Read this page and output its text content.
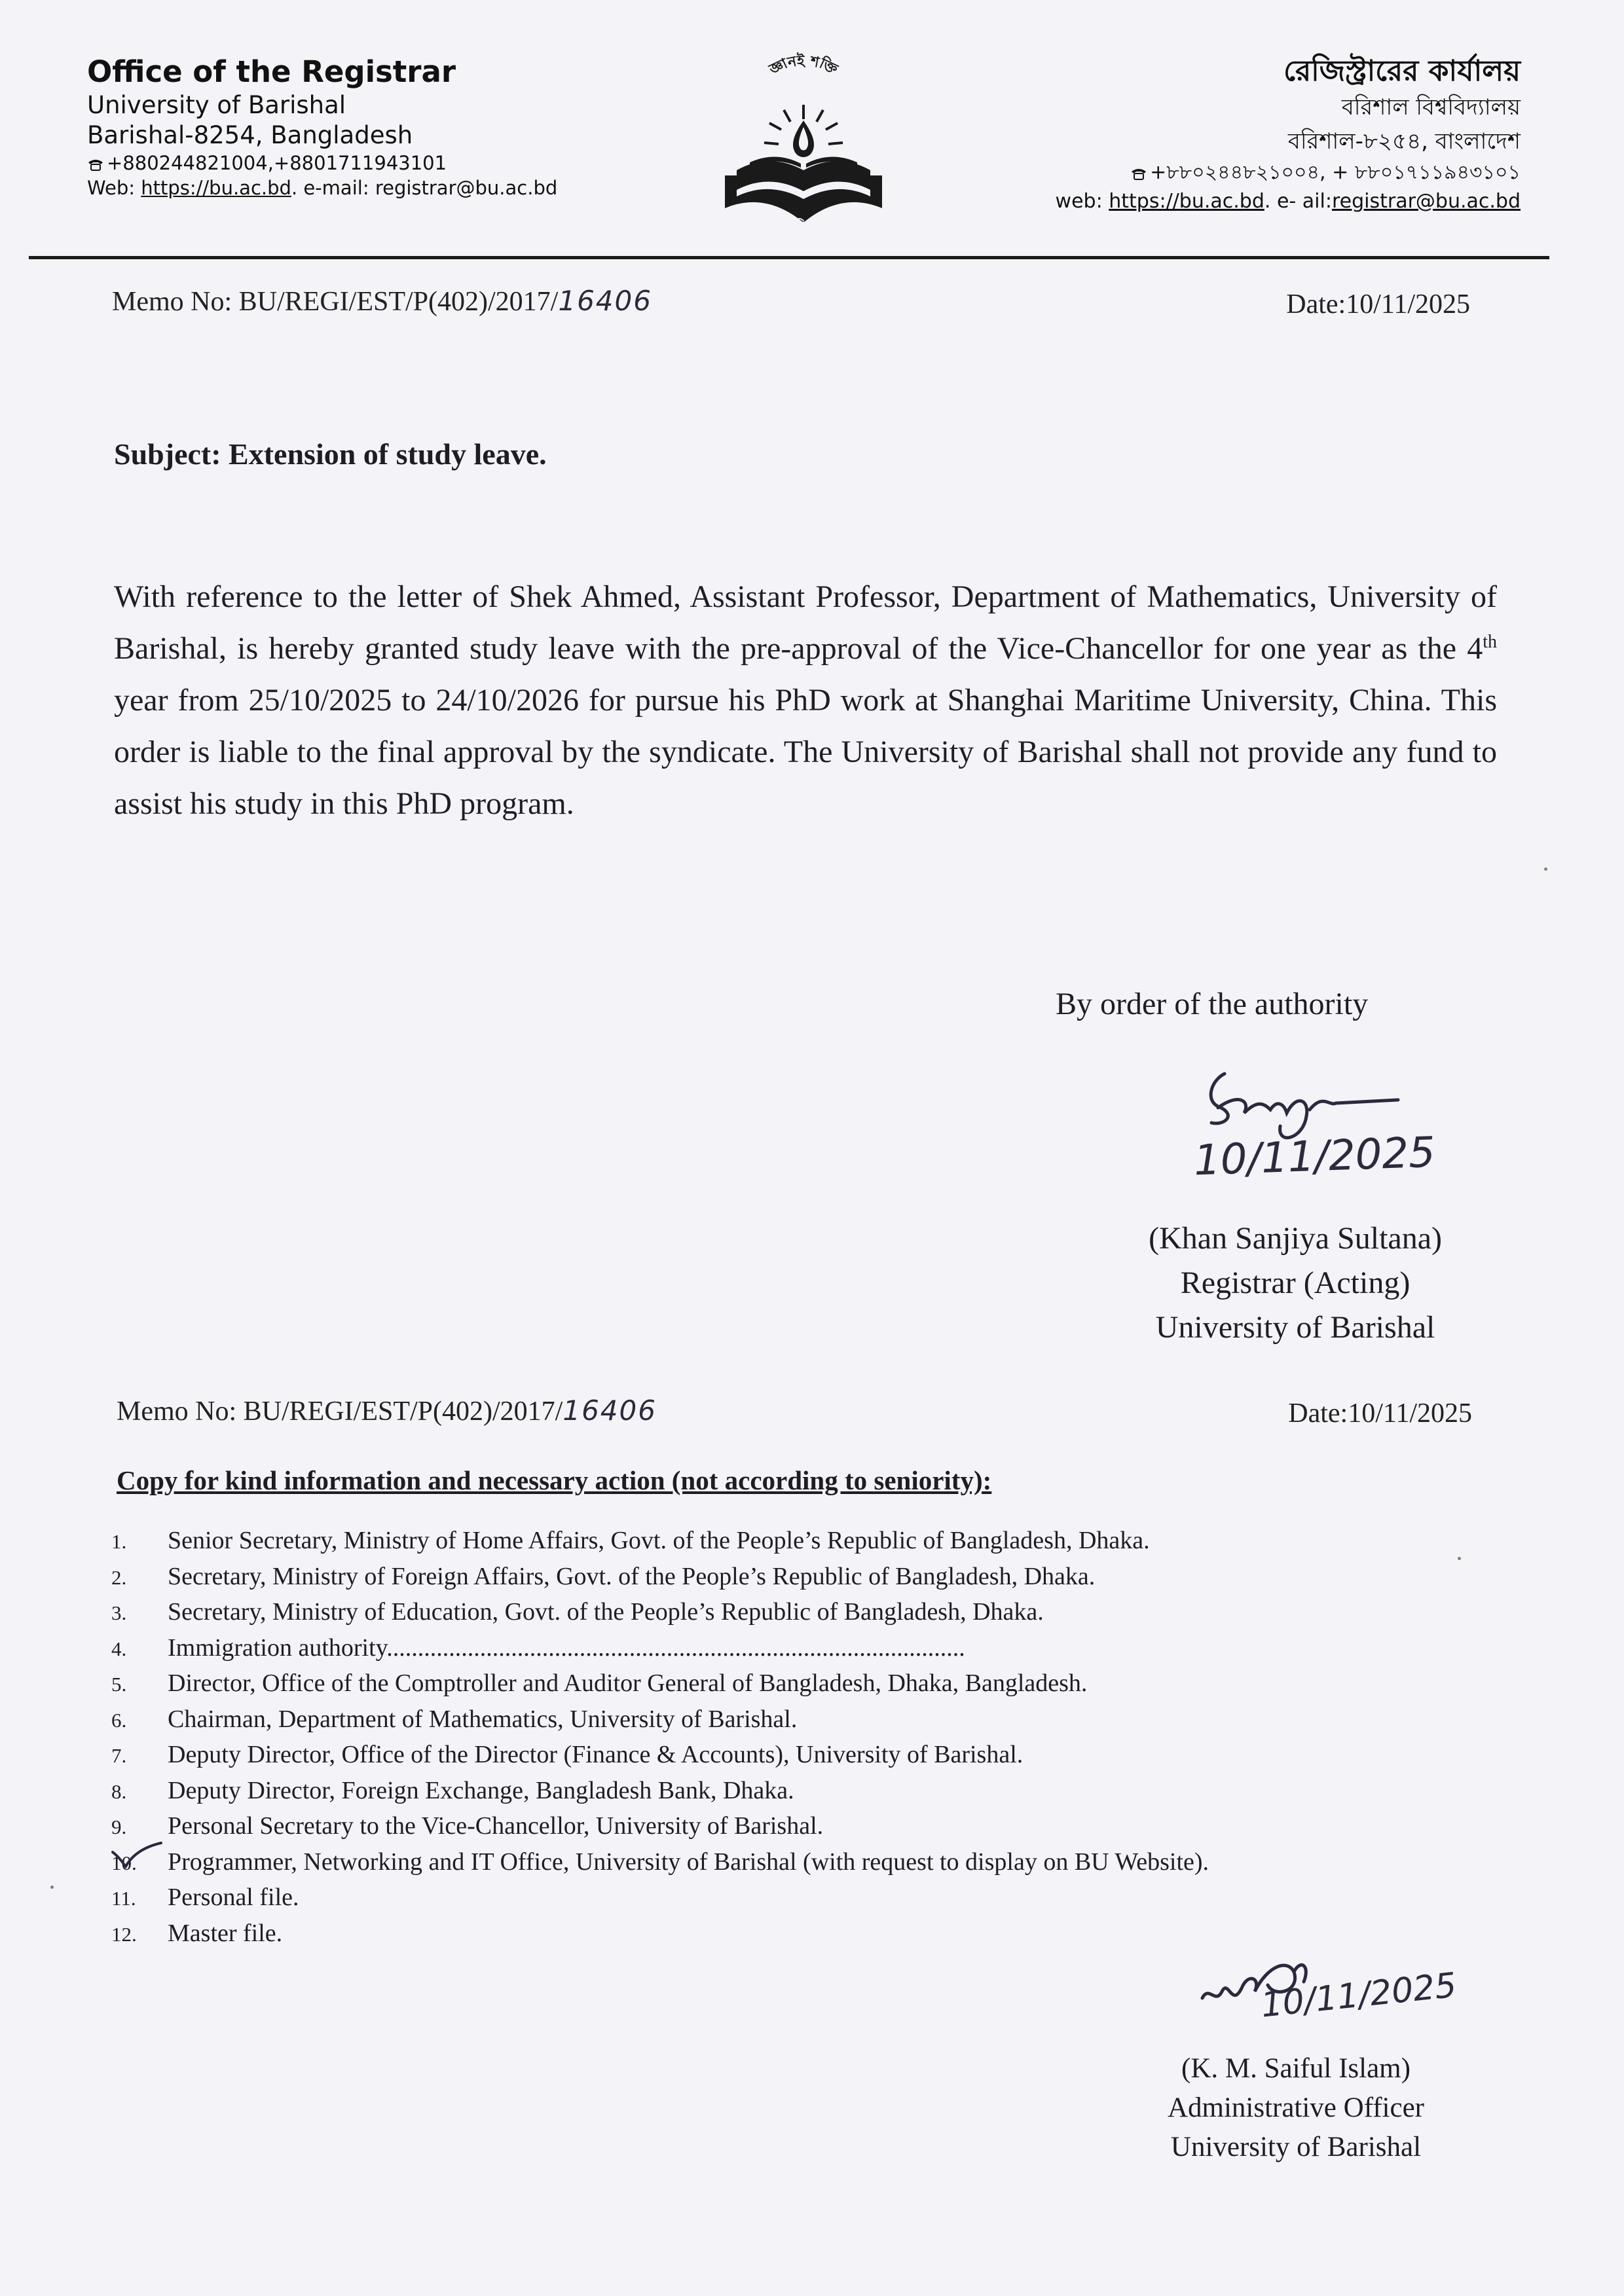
Office of the Registrar
University of Barishal
Barishal-8254, Bangladesh
+880244821004,+8801711943101
Web: https://bu.ac.bd. e-mail: registrar@bu.ac.bd
জ্ঞানই শক্তি
বরিশাল বিশ্ববিদ্যালয়
রেজিস্ট্রারের কার্যালয়
বরিশাল বিশ্ববিদ্যালয়
বরিশাল-৮২৫৪, বাংলাদেশ
+৮৮০২৪৪৮২১০০৪, + ৮৮০১৭১১৯৪৩১০১
web: https://bu.ac.bd. e- ail:registrar@bu.ac.bd
Memo No: BU/REGI/EST/P(402)/2017/16406	Date:10/11/2025
Subject: Extension of study leave.
With reference to the letter of Shek Ahmed, Assistant Professor, Department of Mathematics, University of Barishal, is hereby granted study leave with the pre-approval of the Vice-Chancellor for one year as the 4th   year from 25/10/2025 to 24/10/2026 for pursue his PhD work at Shanghai Maritime University, China. This order is liable to the final approval by the syndicate. The University of Barishal shall not provide any fund to assist his study in this PhD program.
By order of the authority
10/11/2025
(Khan Sanjiya Sultana)
Registrar (Acting)
University of Barishal
Memo No: BU/REGI/EST/P(402)/2017/16406	Date:10/11/2025
Copy for kind information and necessary action (not according to seniority):
1. Senior Secretary, Ministry of Home Affairs, Govt. of the People’s Republic of Bangladesh, Dhaka.
2. Secretary, Ministry of Foreign Affairs, Govt. of the People’s Republic of Bangladesh, Dhaka.
3. Secretary, Ministry of Education, Govt. of the People’s Republic of Bangladesh, Dhaka.
4. Immigration authority.............................................................................................
5. Director, Office of the Comptroller and Auditor General of Bangladesh, Dhaka, Bangladesh.
6. Chairman, Department of Mathematics, University of Barishal.
7. Deputy Director, Office of the Director (Finance & Accounts), University of Barishal.
8. Deputy Director, Foreign Exchange, Bangladesh Bank, Dhaka.
9. Personal Secretary to the Vice-Chancellor, University of Barishal.
10. Programmer, Networking and IT Office, University of Barishal (with request to display on BU Website).
11. Personal file.
12. Master file.
10/11/2025
(K. M. Saiful Islam)
Administrative Officer
University of Barishal
